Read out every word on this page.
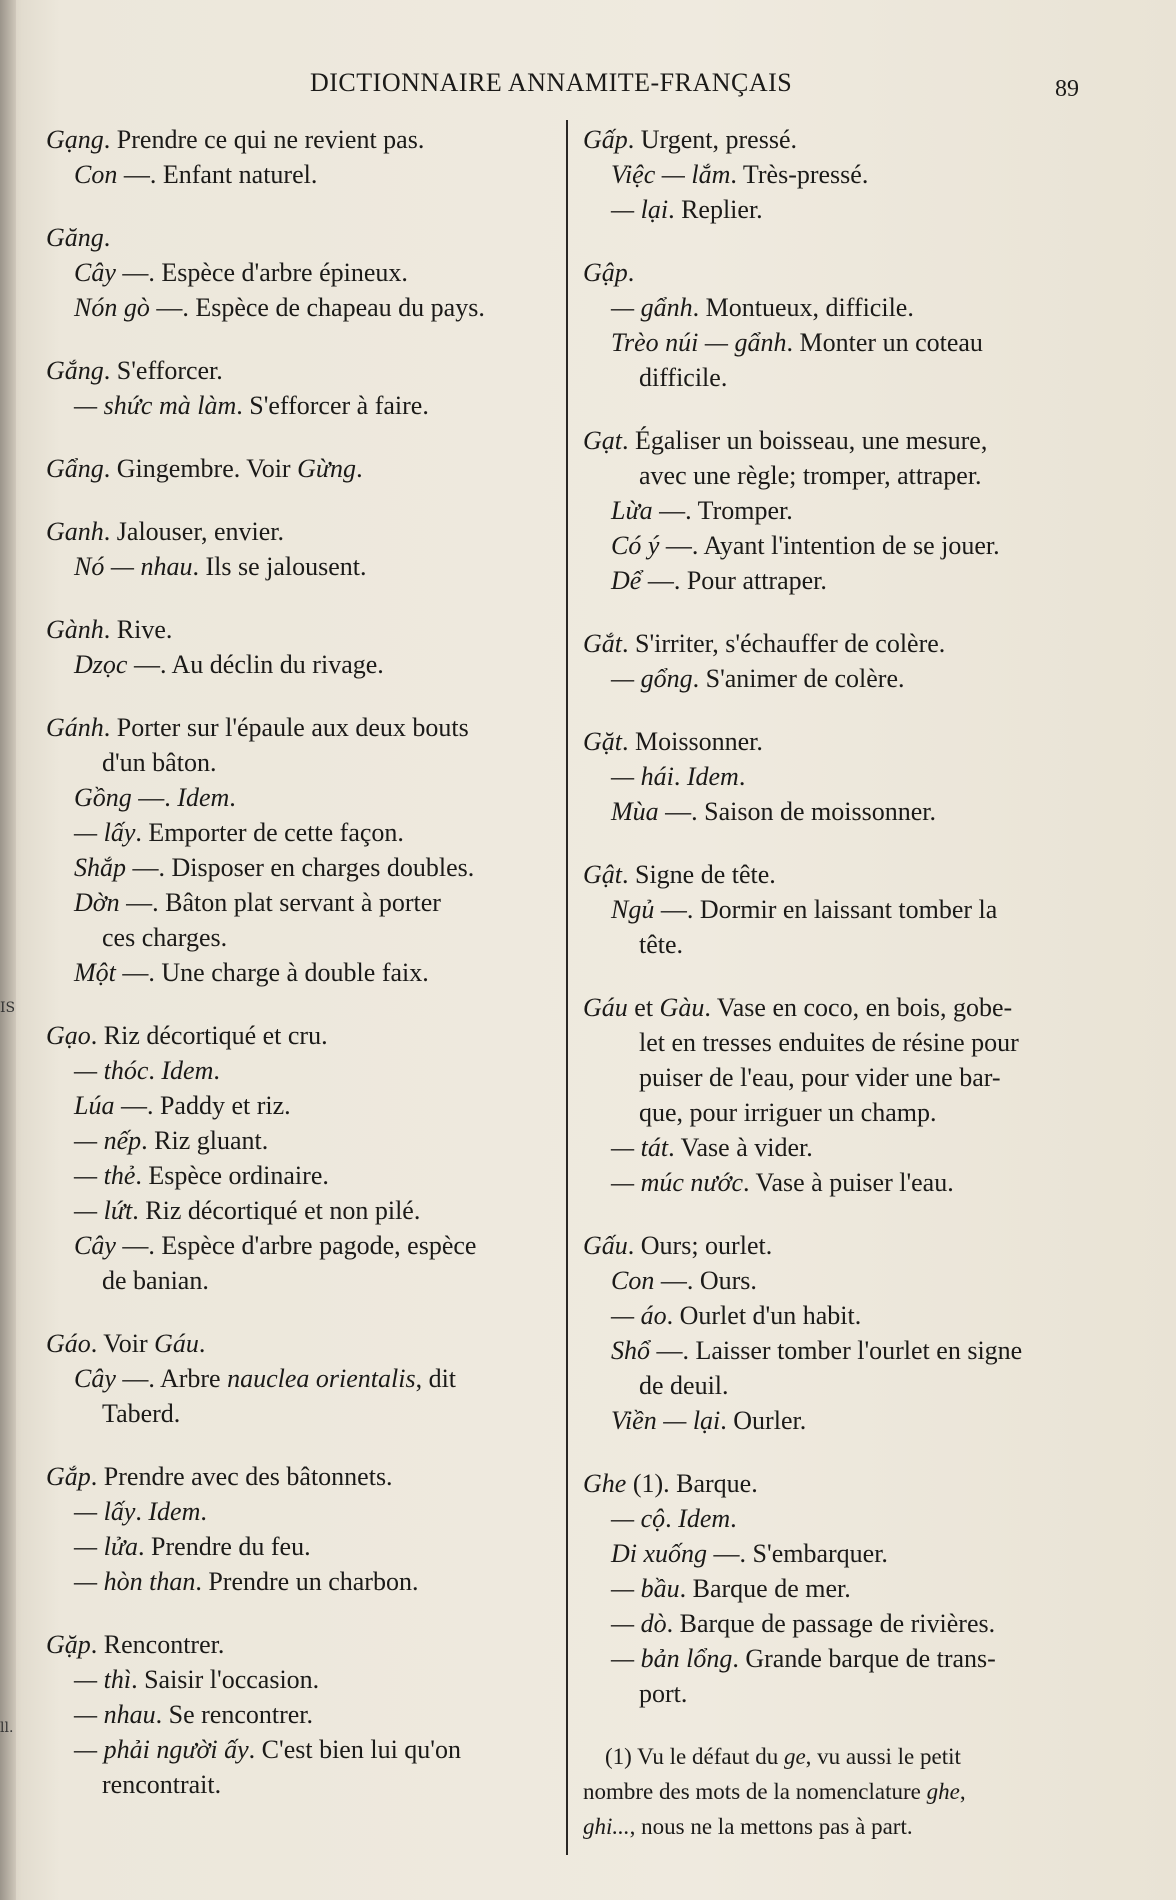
IS
ll.
DICTIONNAIRE ANNAMITE-FRANÇAIS	89
Gạng. Prendre ce qui ne revient pas.
Con —. Enfant naturel.
Găng.
Cây —. Espèce d'arbre épineux.
Nón gò —. Espèce de chapeau du pays.
Gắng. S'efforcer.
— shức mà làm. S'efforcer à faire.
Gẩng. Gingembre. Voir Gừng.
Ganh. Jalouser, envier.
Nó — nhau. Ils se jalousent.
Gành. Rive.
Dzọc —. Au déclin du rivage.
Gánh. Porter sur l'épaule aux deux bouts
d'un bâton.
Gồng —. Idem.
— lấy. Emporter de cette façon.
Shắp —. Disposer en charges doubles.
Dờn —. Bâton plat servant à porter
ces charges.
Một —. Une charge à double faix.
Gạo. Riz décortiqué et cru.
— thóc. Idem.
Lúa —. Paddy et riz.
— nếp. Riz gluant.
— thẻ. Espèce ordinaire.
— lứt. Riz décortiqué et non pilé.
Cây —. Espèce d'arbre pagode, espèce
de banian.
Gáo. Voir Gáu.
Cây —. Arbre nauclea orientalis, dit
Taberd.
Gắp. Prendre avec des bâtonnets.
— lấy. Idem.
— lửa. Prendre du feu.
— hòn than. Prendre un charbon.
Gặp. Rencontrer.
— thì. Saisir l'occasion.
— nhau. Se rencontrer.
— phải người ấy. C'est bien lui qu'on
rencontrait.
Gấp. Urgent, pressé.
Việc — lắm. Très-pressé.
— lại. Replier.
Gập.
— gẩnh. Montueux, difficile.
Trèo núi — gẩnh. Monter un coteau
difficile.
Gạt. Égaliser un boisseau, une mesure,
avec une règle; tromper, attraper.
Lừa —. Tromper.
Có ý —. Ayant l'intention de se jouer.
Dể —. Pour attraper.
Gắt. S'irriter, s'échauffer de colère.
— gổng. S'animer de colère.
Gặt. Moissonner.
— hái. Idem.
Mùa —. Saison de moissonner.
Gật. Signe de tête.
Ngủ —. Dormir en laissant tomber la
tête.
Gáu et Gàu. Vase en coco, en bois, gobe-
let en tresses enduites de résine pour
puiser de l'eau, pour vider une bar-
que, pour irriguer un champ.
— tát. Vase à vider.
— múc nước. Vase à puiser l'eau.
Gấu. Ours; ourlet.
Con —. Ours.
— áo. Ourlet d'un habit.
Shổ —. Laisser tomber l'ourlet en signe
de deuil.
Viền — lại. Ourler.
Ghe (1). Barque.
— cộ. Idem.
Di xuống —. S'embarquer.
— bầu. Barque de mer.
— dò. Barque de passage de rivières.
— bản lổng. Grande barque de trans-
port.
(1) Vu le défaut du ge, vu aussi le petit
nombre des mots de la nomenclature ghe,
ghi..., nous ne la mettons pas à part.
